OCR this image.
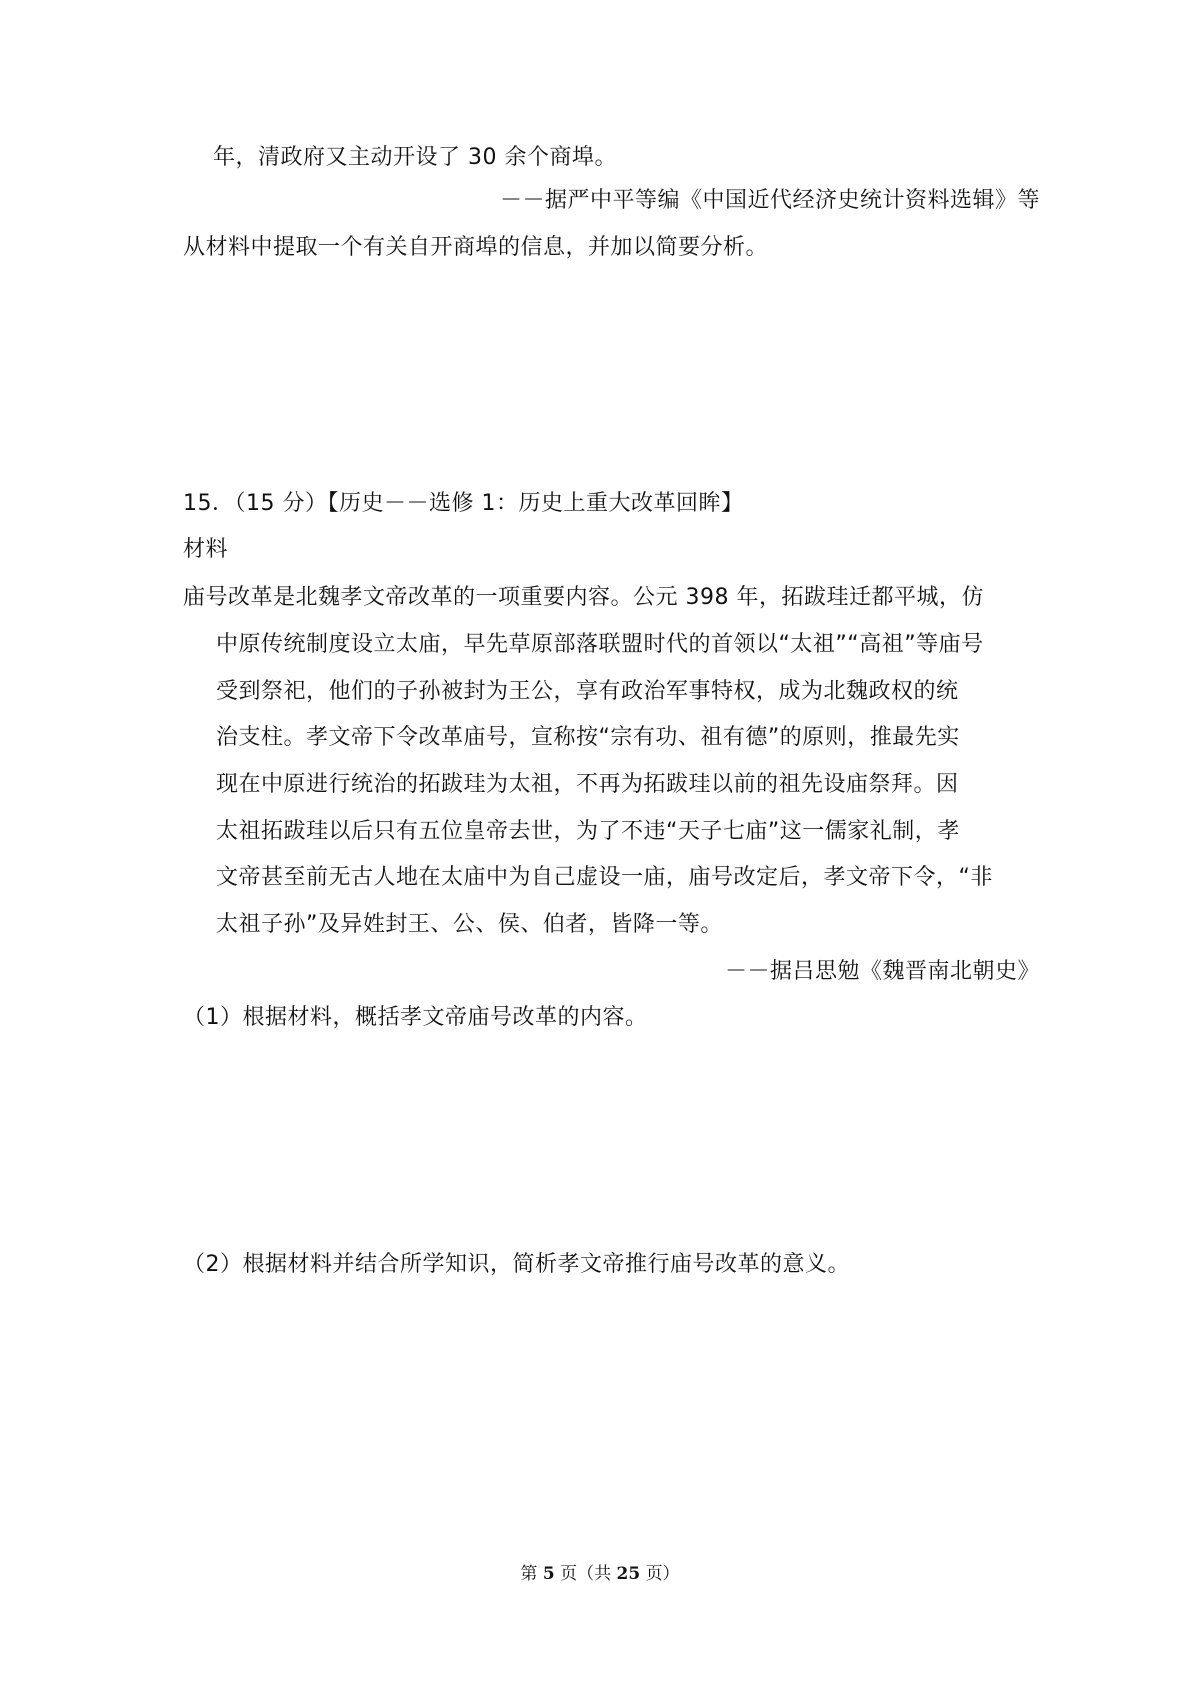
年，清政府又主动开设了 30 余个商埠。
－－据严中平等编《中国近代经济史统计资料选辑》等
从材料中提取一个有关自开商埠的信息，并加以简要分析。
15．（15 分）【历史－－选修 1：历史上重大改革回眸】
材料
庙号改革是北魏孝文帝改革的一项重要内容。公元 398 年，拓跋珪迁都平城，仿
中原传统制度设立太庙，早先草原部落联盟时代的首领以“太祖”“高祖”等庙号
受到祭祀，他们的子孙被封为王公，享有政治军事特权，成为北魏政权的统
治支柱。孝文帝下令改革庙号，宣称按“宗有功、祖有德”的原则，推最先实
现在中原进行统治的拓跋珪为太祖，不再为拓跋珪以前的祖先设庙祭拜。因
太祖拓跋珪以后只有五位皇帝去世，为了不违“天子七庙”这一儒家礼制，孝
文帝甚至前无古人地在太庙中为自己虚设一庙，庙号改定后，孝文帝下令，“非
太祖子孙”及异姓封王、公、侯、伯者，皆降一等。
－－据吕思勉《魏晋南北朝史》
（1）根据材料，概括孝文帝庙号改革的内容。
（2）根据材料并结合所学知识，简析孝文帝推行庙号改革的意义。
第 5 页（共 25 页）
